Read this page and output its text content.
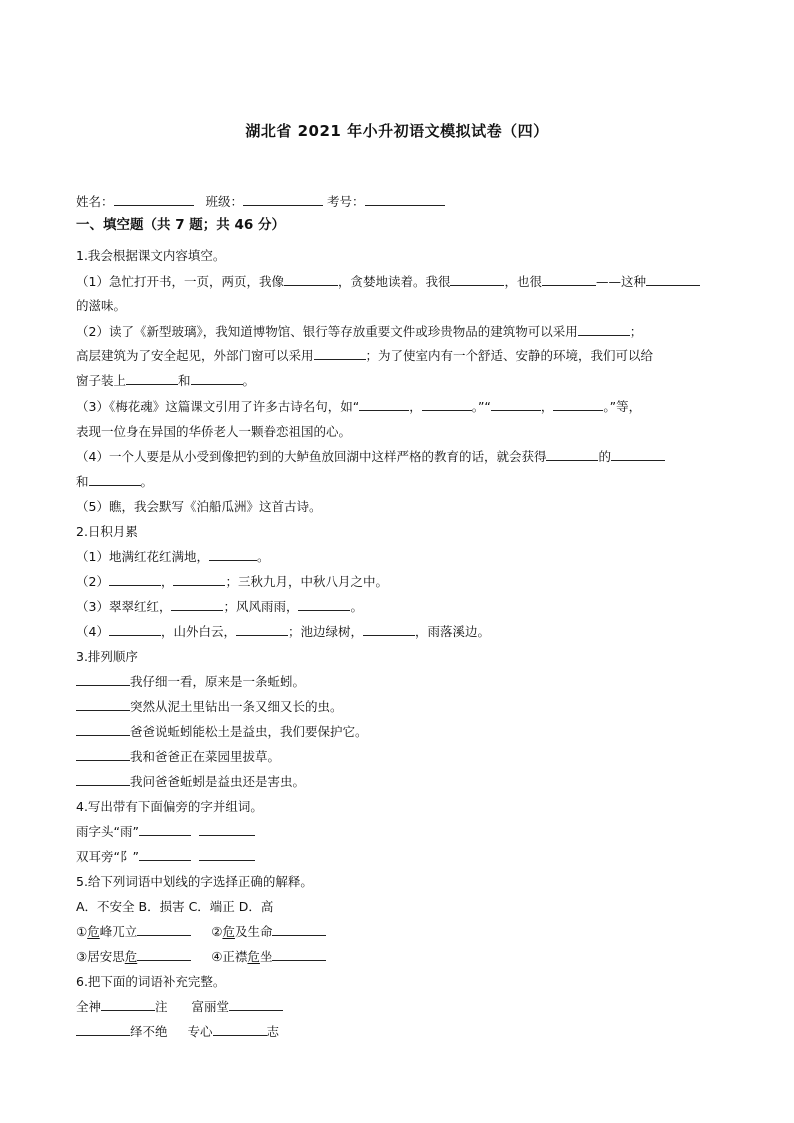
湖北省 2021 年小升初语文模拟试卷（四）
姓名：	班级：	考号：
一、填空题（共 7 题；共 46 分）
1.我会根据课文内容填空。
（1）急忙打开书，一页，两页，我像	，贪婪地读着。我很	，也很	——这种
的滋味。
（2）读了《新型玻璃》，我知道博物馆、银行等存放重要文件或珍贵物品的建筑物可以采用	；
高层建筑为了安全起见，外部门窗可以采用	；为了使室内有一个舒适、安静的环境，我们可以给
窗子装上	和	。
（3）《梅花魂》这篇课文引用了许多古诗名句，如“	，	。”“	，	。”等，
表现一位身在异国的华侨老人一颗眷恋祖国的心。
（4）一个人要是从小受到像把钓到的大鲈鱼放回湖中这样严格的教育的话，就会获得	的
和	。
（5）瞧，我会默写《泊船瓜洲》这首古诗。
2.日积月累
（1）地满红花红满地，	。
（2）	，	；三秋九月，中秋八月之中。
（3）翠翠红红，	；风风雨雨，	。
（4）	，山外白云，	；池边绿树，	，雨落溪边。
3.排列顺序
我仔细一看，原来是一条蚯蚓。
突然从泥土里钻出一条又细又长的虫。
爸爸说蚯蚓能松土是益虫，我们要保护它。
我和爸爸正在菜园里拔草。
我问爸爸蚯蚓是益虫还是害虫。
4.写出带有下面偏旁的字并组词。
雨字头“雨”
双耳旁“阝”
5.给下列词语中划线的字选择正确的解释。
A．不安全 B．损害 C．端正 D．高
①危峰兀立	②危及生命
③居安思危	④正襟危坐
6.把下面的词语补充完整。
全神	注 富丽堂
绎不绝 专心	志
